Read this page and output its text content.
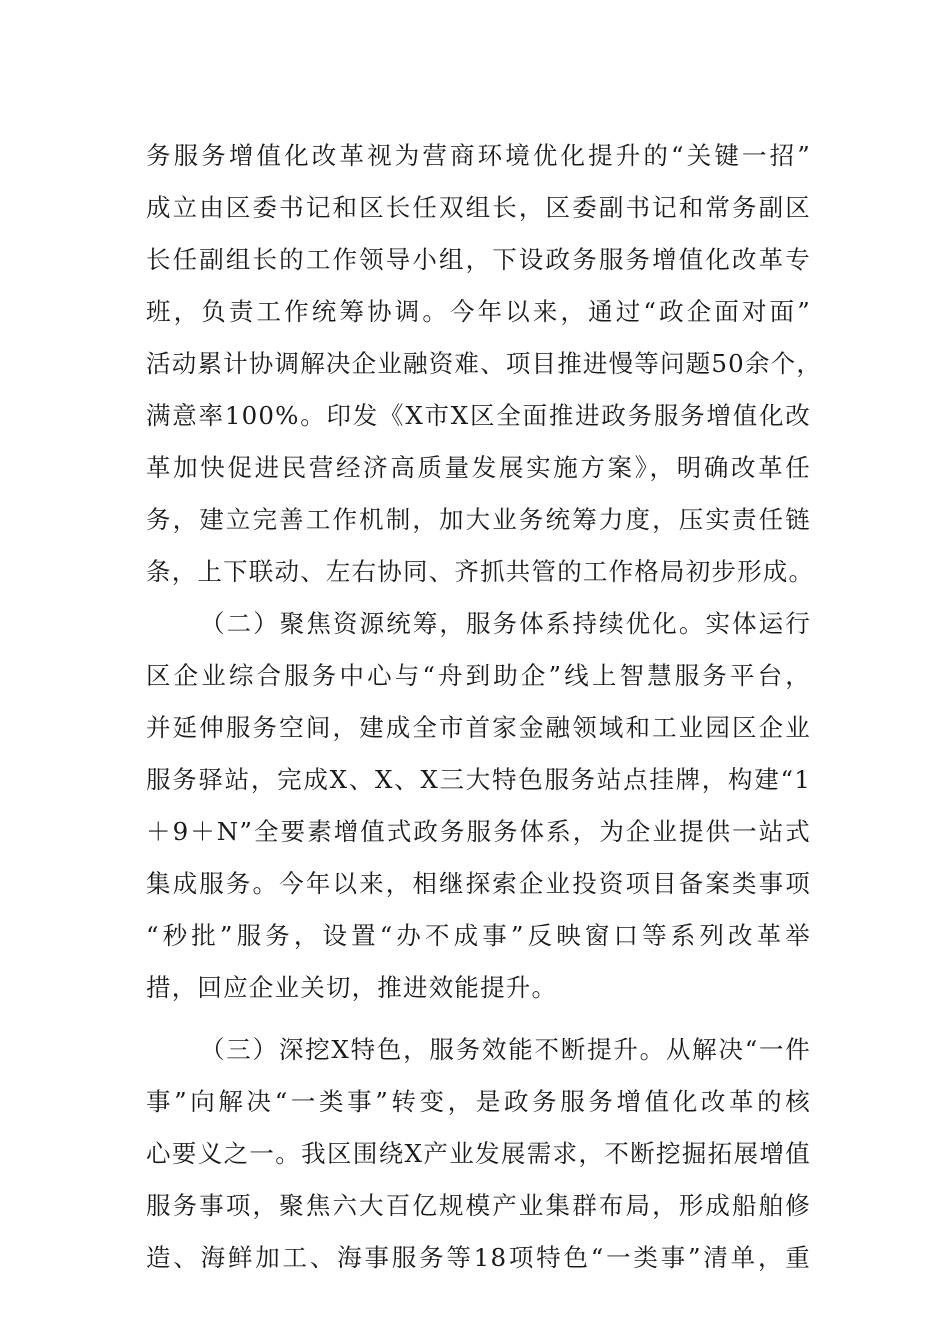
务服务增值化改革视为营商环境优化提升的“关键一招”
成立由区委书记和区长任双组长，区委副书记和常务副区
长任副组长的工作领导小组，下设政务服务增值化改革专
班，负责工作统筹协调。今年以来，通过“政企面对面”
活动累计协调解决企业融资难、项目推进慢等问题50余个，
满意率100%。印发《X市X区全面推进政务服务增值化改
革加快促进民营经济高质量发展实施方案》，明确改革任
务，建立完善工作机制，加大业务统筹力度，压实责任链
条，上下联动、左右协同、齐抓共管的工作格局初步形成。
（二）聚焦资源统筹，服务体系持续优化。实体运行
区企业综合服务中心与“舟到助企”线上智慧服务平台，
并延伸服务空间，建成全市首家金融领域和工业园区企业
服务驿站，完成X、X、X三大特色服务站点挂牌，构建“1
＋9＋N”全要素增值式政务服务体系，为企业提供一站式
集成服务。今年以来，相继探索企业投资项目备案类事项
“秒批”服务，设置“办不成事”反映窗口等系列改革举
措，回应企业关切，推进效能提升。
（三）深挖X特色，服务效能不断提升。从解决“一件
事”向解决“一类事”转变，是政务服务增值化改革的核
心要义之一。我区围绕X产业发展需求，不断挖掘拓展增值
服务事项，聚焦六大百亿规模产业集群布局，形成船舶修
造、海鲜加工、海事服务等18项特色“一类事”清单，重
